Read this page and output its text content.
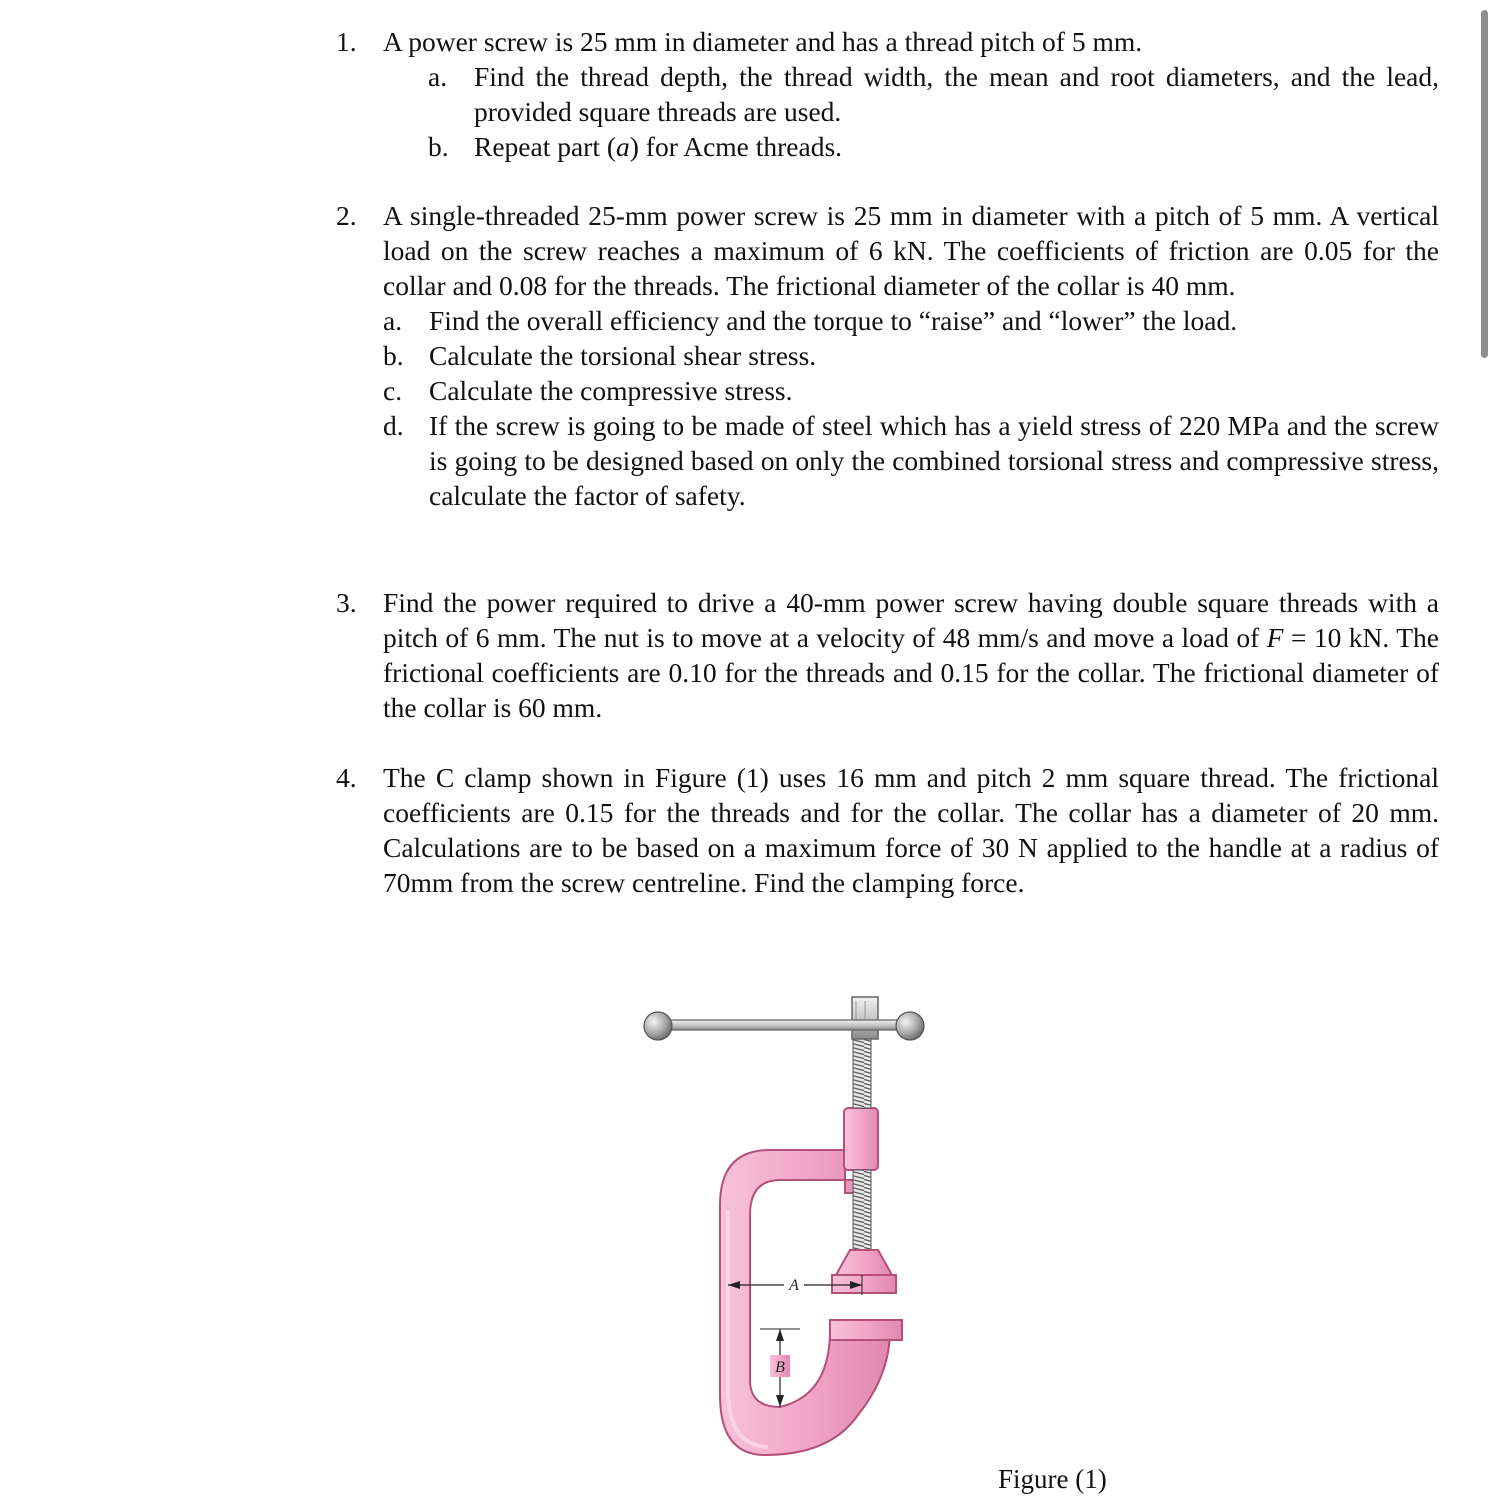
1. A power screw is 25 mm in diameter and has a thread pitch of 5 mm.
a. Find the thread depth, the thread width, the mean and root diameters, and the lead, provided square threads are used.
b. Repeat part (a) for Acme threads.
2. A single-threaded 25-mm power screw is 25 mm in diameter with a pitch of 5 mm. A vertical load on the screw reaches a maximum of 6 kN. The coefficients of friction are 0.05 for the collar and 0.08 for the threads. The frictional diameter of the collar is 40 mm.
a. Find the overall efficiency and the torque to “raise” and “lower” the load.
b. Calculate the torsional shear stress.
c. Calculate the compressive stress.
d. If the screw is going to be made of steel which has a yield stress of 220 MPa and the screw is going to be designed based on only the combined torsional stress and compressive stress, calculate the factor of safety.
3. Find the power required to drive a 40-mm power screw having double square threads with a pitch of 6 mm. The nut is to move at a velocity of 48 mm/s and move a load of F = 10 kN. The frictional coefficients are 0.10 for the threads and 0.15 for the collar. The frictional diameter of the collar is 60 mm.
4. The C clamp shown in Figure (1) uses 16 mm and pitch 2 mm square thread. The frictional coefficients are 0.15 for the threads and for the collar. The collar has a diameter of 20 mm. Calculations are to be based on a maximum force of 30 N applied to the handle at a radius of 70mm from the screw centreline. Find the clamping force.
A
B
Figure (1)
